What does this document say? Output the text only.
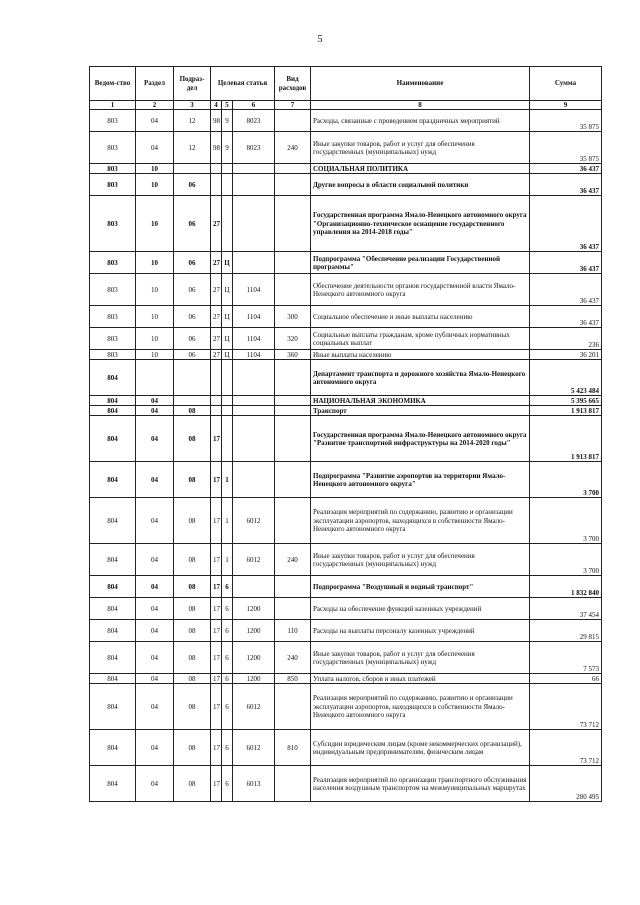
5
Ведом-ство	Раздел	Подраз-дел	Целевая статья			Вид расходов	Наименование	Сумма
1	2	3	4	5	6	7	8	9
803	04	12	98	9	8023		Расходы, связанные с проведением праздничных мероприятий	35 875
803	04	12	98	9	8023	240	Иные закупки товаров, работ и услуг для обеспечения государственных (муниципальных) нужд	35 875
803	10						СОЦИАЛЬНАЯ ПОЛИТИКА	36 437
803	10	06					Другие вопросы в области социальной политики	36 437
803	10	06	27				Государственная программа Ямало-Ненецкого автономного округа "Организационно-техническое оснащение государственного управления на 2014-2018 годы"	36 437
803	10	06	27	Ц			Подпрограмма "Обеспечение реализации Государственной программы"	36 437
803	10	06	27	Ц	1104		Обеспечение деятельности органов государственной власти Ямало-Ненецкого автономного округа	36 437
803	10	06	27	Ц	1104	300	Социальное обеспечение и иные выплаты населению	36 437
803	10	06	27	Ц	1104	320	Социальные выплаты гражданам, кроме публичных нормативных социальных выплат	236
803	10	06	27	Ц	1104	360	Иные выплаты населению	36 201
804							Департамент транспорта и дорожного хозяйства Ямало-Ненецкого автономного округа	5 423 484
804	04						НАЦИОНАЛЬНАЯ ЭКОНОМИКА	5 395 665
804	04	08					Транспорт	1 913 817
804	04	08	17				Государственная программа Ямало-Ненецкого автономного округа "Развитие транспортной инфраструктуры на 2014-2020 годы"	1 913 817
804	04	08	17	1			Подпрограмма "Развитие аэропортов на территории Ямало-Ненецкого автономного округа"	3 700
804	04	08	17	1	6012		Реализация мероприятий по содержанию, развитию и организации эксплуатации аэропортов, находящихся в собственности Ямало-Ненецкого автономного округа	3 700
804	04	08	17	1	6012	240	Иные закупки товаров, работ и услуг для обеспечения государственных (муниципальных) нужд	3 700
804	04	08	17	6			Подпрограмма "Воздушный и водный транспорт"	1 832 840
804	04	08	17	6	1200		Расходы на обеспечение функций казенных учреждений	37 454
804	04	08	17	6	1200	110	Расходы на выплаты персоналу казенных учреждений	29 815
804	04	08	17	6	1200	240	Иные закупки товаров, работ и услуг для обеспечения государственных (муниципальных) нужд	7 573
804	04	08	17	6	1200	850	Уплата налогов, сборов и иных платежей	66
804	04	08	17	6	6012		Реализация мероприятий по содержанию, развитию и организации эксплуатации аэропортов, находящихся в собственности Ямало-Ненецкого автономного округа	73 712
804	04	08	17	6	6012	810	Субсидии юридическим лицам (кроме некоммерческих организаций), индивидуальным предпринимателям, физическим лицам	73 712
804	04	08	17	6	6013		Реализация мероприятий по организации транспортного обслуживания населения воздушным транспортом на межмуниципальных маршрутах	280 495
